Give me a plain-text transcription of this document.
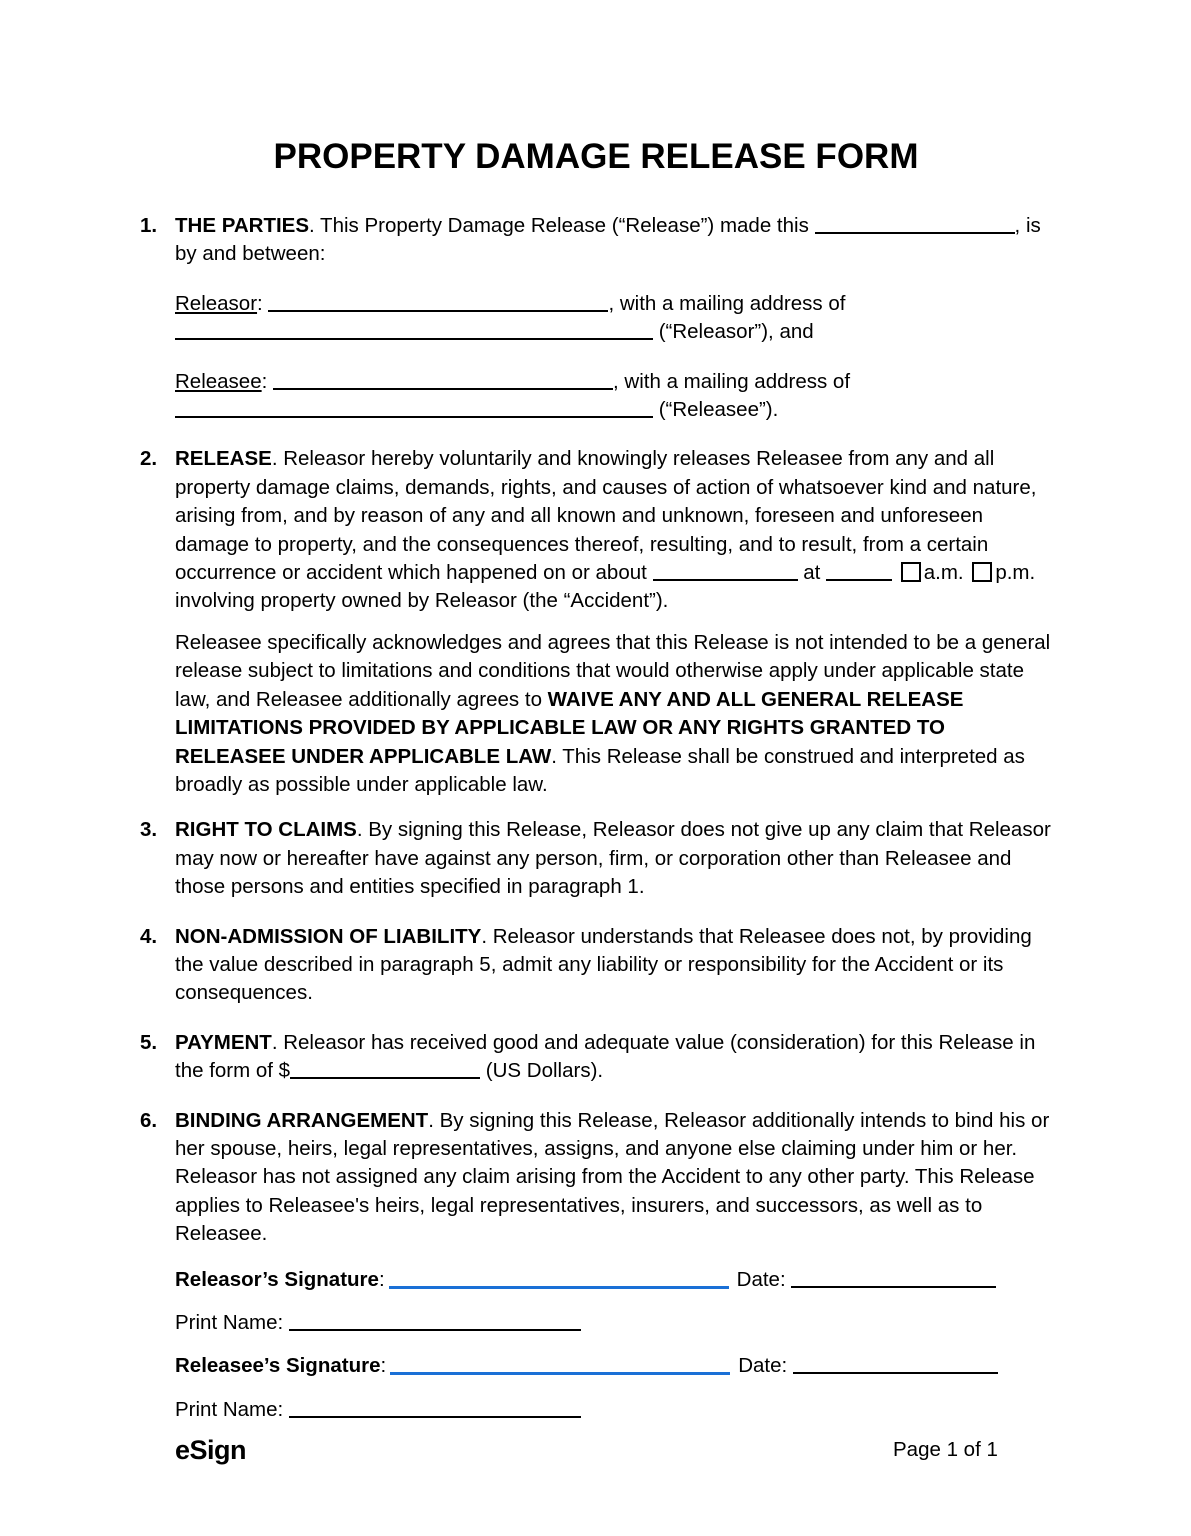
PROPERTY DAMAGE RELEASE FORM
1. THE PARTIES. This Property Damage Release (“Release”) made this	, is by and between:

Releasor:	, with a mailing address of  (“Releasor”), and

Releasee:	, with a mailing address of  (“Releasee”).

2. RELEASE. Releasor hereby voluntarily and knowingly releases Releasee from any and all property damage claims, demands, rights, and causes of action of whatsoever kind and nature, arising from, and by reason of any and all known and unknown, foreseen and unforeseen damage to property, and the consequences thereof, resulting, and to result, from a certain occurrence or accident which happened on or about	at	a.m. p.m. involving property owned by Releasor (the “Accident”).

Releasee specifically acknowledges and agrees that this Release is not intended to be a general release subject to limitations and conditions that would otherwise apply under applicable state law, and Releasee additionally agrees to WAIVE ANY AND ALL GENERAL RELEASE LIMITATIONS PROVIDED BY APPLICABLE LAW OR ANY RIGHTS GRANTED TO RELEASEE UNDER APPLICABLE LAW. This Release shall be construed and interpreted as broadly as possible under applicable law.

3. RIGHT TO CLAIMS. By signing this Release, Releasor does not give up any claim that Releasor may now or hereafter have against any person, firm, or corporation other than Releasee and those persons and entities specified in paragraph 1.

4. NON-ADMISSION OF LIABILITY. Releasor understands that Releasee does not, by providing the value described in paragraph 5, admit any liability or responsibility for the Accident or its consequences.

5. PAYMENT. Releasor has received good and adequate value (consideration) for this Release in the form of $	(US Dollars).

6. BINDING ARRANGEMENT. By signing this Release, Releasor additionally intends to bind his or her spouse, heirs, legal representatives, assigns, and anyone else claiming under him or her. Releasor has not assigned any claim arising from the Accident to any other party. This Release applies to Releasee's heirs, legal representatives, insurers, and successors, as well as to Releasee.

Releasor’s Signature:	Date:
Print Name:
Releasee’s Signature:	Date:
Print Name:
eSign	Page 1 of 1
